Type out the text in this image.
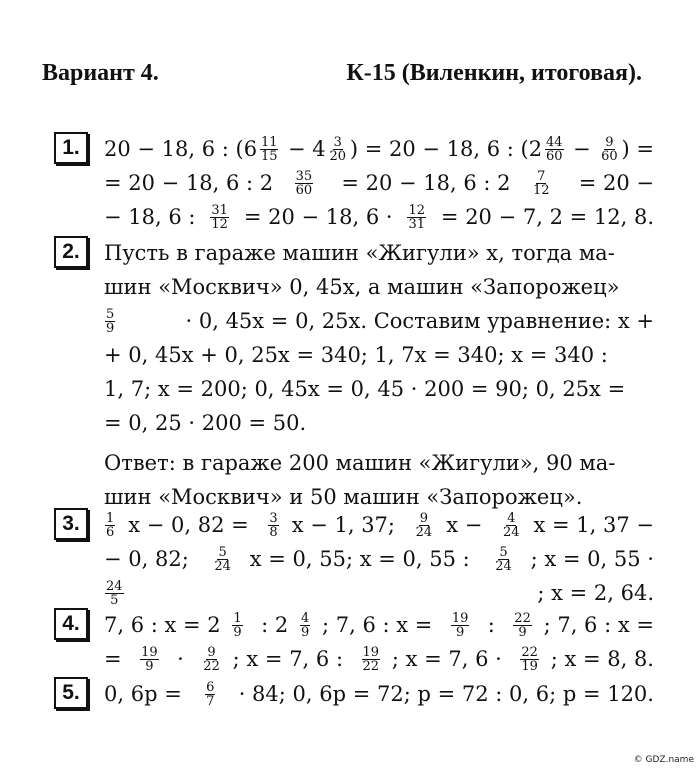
Вариант 4.	К-15 (Виленкин, итоговая).
1.	20 − 18, 6 : ($6 \frac{11}{15} - 4 \frac{3}{20}$ ) = 20 − 18, 6 : ($2 \frac{44}{60} - \frac{9}{60}$ ) =
= 20 − 18, 6 : $2 \frac{35}{60} = 20 - 18$, 6 : $2 \frac{7}{12} = 20$ −
− 18, 6 : $\frac{31}{12} = 20 - 18$, $6 \cdot \frac{12}{31} = 20 - 7$, 2 = 12, 8.
2.	Пусть в гараже машин «Жигули» x, тогда ма-
шин «Москвич» 0, 45x, а машин «Запорожец»
$\frac{5}{9}$	· 0, 45x = 0, 25x. Составим уравнение: x +
+ 0, 45x + 0, 25x = 340; 1, 7x = 340; x = 340 :
1, 7; x = 200; 0, 45x = 0, 45 · 200 = 90; 0, 25x =
= 0, 25 · 200 = 50.
Ответ: в гараже 200 машин «Жигули», 90 ма-
шин «Москвич» и 50 машин «Запорожец».
3.	$\frac{1}{6}$ x − 0, $82 = \frac{3}{8}$ x − 1, 37; $\frac{9}{24}$ $x - \frac{4}{24}$ x = 1, 37 −
− 0, 82; $\frac{5}{24}$ x = 0, 55; x = 0, 55 : $\frac{5}{24}$ ; x = 0, 55 ·
$\frac{24}{5}$	; x = 2, 64.
4.	7, 6 : $x = 2 \frac{1}{9}$ : $2 \frac{4}{9}$ ; 7, 6 : $x = \frac{19}{9}$ : $\frac{22}{9}$ ; 7, 6 : x =
= $\frac{19}{9} \cdot \frac{9}{22}$ ; x = 7, 6 : $\frac{19}{22}$ ; x = 7, $6 \cdot \frac{22}{19}$ ; x = 8, 8.
5.	0, $6p = \frac{6}{7} \cdot 84$; 0, 6p = 72; p = 72 : 0, 6; p = 120.
© GDZ.name
